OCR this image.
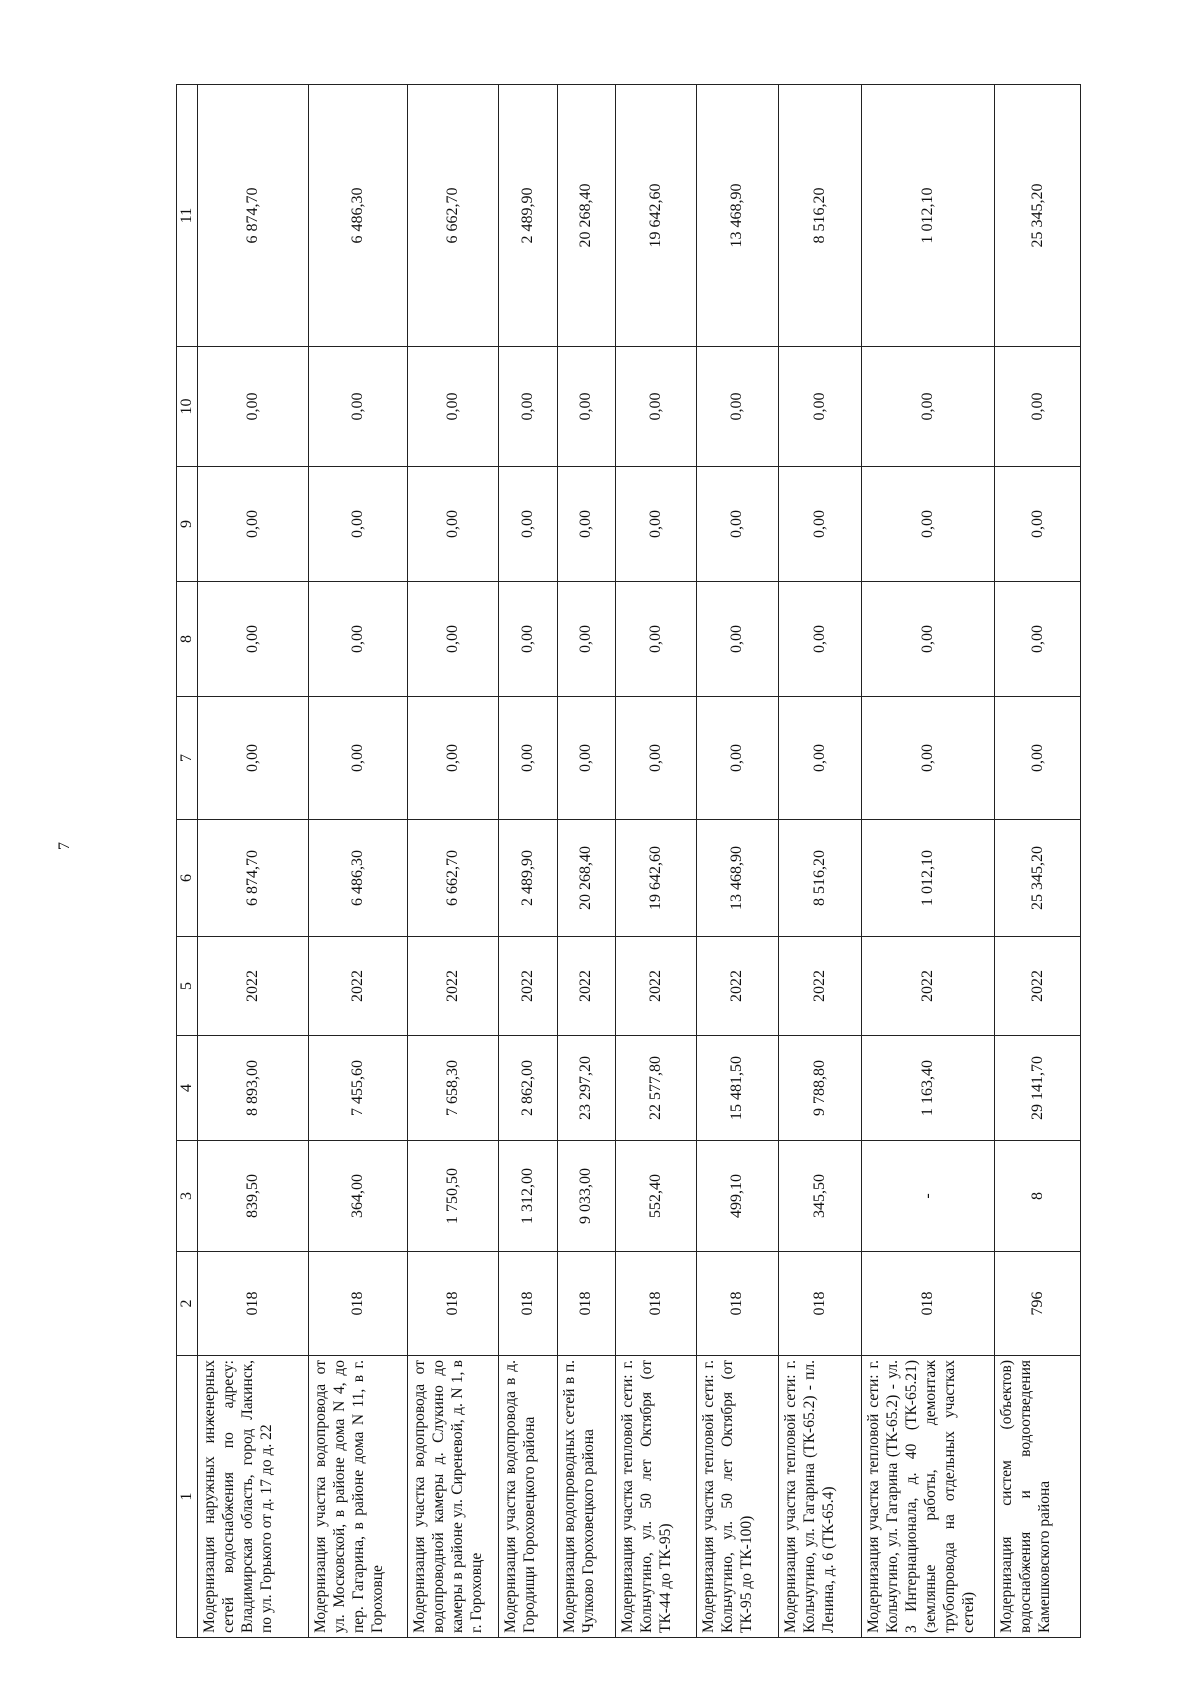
7
1	2	3	4	5	6	7	8	9	10	11
Модернизация наружных инженерных сетей водоснабжения по адресу: Владимирская область, город Лакинск, по ул. Горького от д. 17 до д. 22	018	839,50	8 893,00	2022	6 874,70	0,00	0,00	0,00	0,00	6 874,70
Модернизация участка водопровода от ул. Московской, в районе дома N 4, до пер. Гагарина, в районе дома N 11, в г. Гороховце	018	364,00	7 455,60	2022	6 486,30	0,00	0,00	0,00	0,00	6 486,30
Модернизация участка водопровода от водопроводной камеры д. Слукино до камеры в районе ул. Сиреневой, д. N 1, в г. Гороховце	018	1 750,50	7 658,30	2022	6 662,70	0,00	0,00	0,00	0,00	6 662,70
Модернизация участка водопровода в д. Городищи Гороховецкого района	018	1 312,00	2 862,00	2022	2 489,90	0,00	0,00	0,00	0,00	2 489,90
Модернизация водопроводных сетей в п. Чулково Гороховецкого района	018	9 033,00	23 297,20	2022	20 268,40	0,00	0,00	0,00	0,00	20 268,40
Модернизация участка тепловой сети: г. Кольчугино, ул. 50 лет Октября (от ТК-44 до ТК-95)	018	552,40	22 577,80	2022	19 642,60	0,00	0,00	0,00	0,00	19 642,60
Модернизация участка тепловой сети: г. Кольчугино, ул. 50 лет Октября (от ТК-95 до ТК-100)	018	499,10	15 481,50	2022	13 468,90	0,00	0,00	0,00	0,00	13 468,90
Модернизация участка тепловой сети: г. Кольчугино, ул. Гагарина (ТК-65.2) - пл. Ленина, д. 6 (ТК-65.4)	018	345,50	9 788,80	2022	8 516,20	0,00	0,00	0,00	0,00	8 516,20
Модернизация участка тепловой сети: г. Кольчугино, ул. Гагарина (ТК-65.2) - ул. 3 Интернационала, д. 40 (ТК-65.21) (земляные работы, демонтаж трубопровода на отдельных участках сетей)	018	-	1 163,40	2022	1 012,10	0,00	0,00	0,00	0,00	1 012,10
Модернизация систем (объектов) водоснабжения и водоотведения Камешковского района	796	8	29 141,70	2022	25 345,20	0,00	0,00	0,00	0,00	25 345,20
